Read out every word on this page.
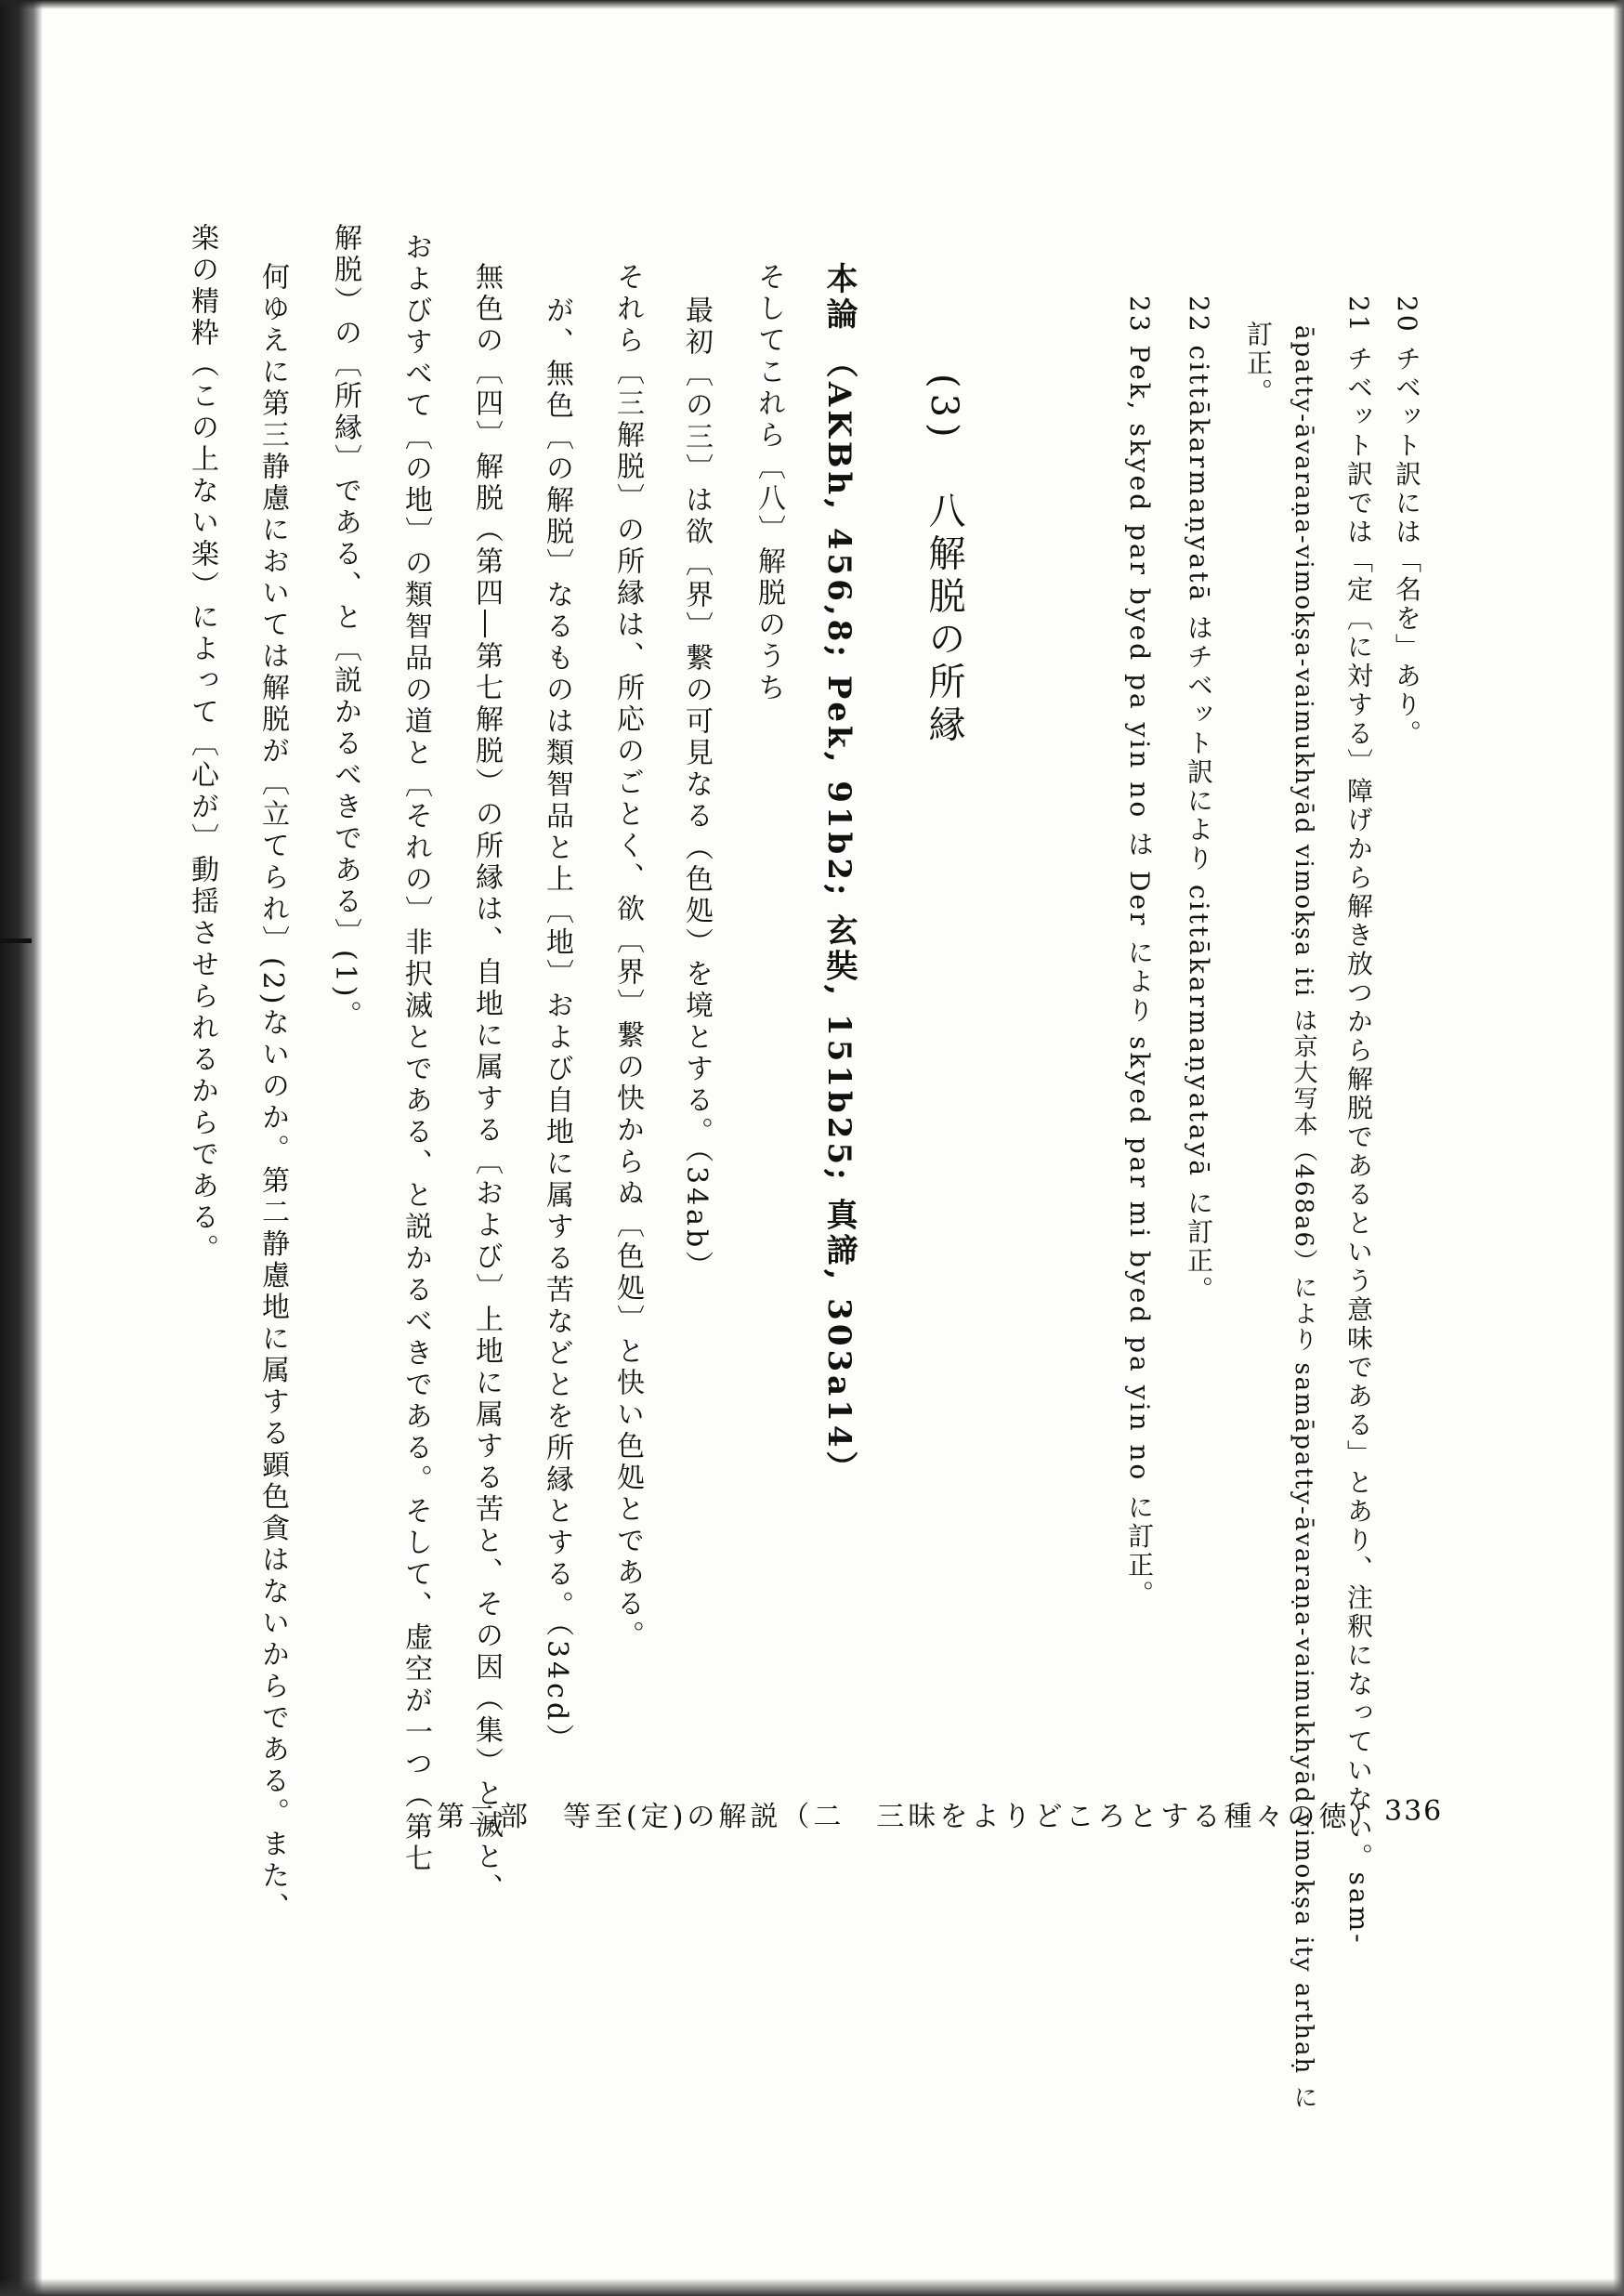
20 チベット訳には「名を」あり。
21 チベット訳では「定〔に対する〕障げから解き放つから解脱であるという意味である」とあり、注釈になっていない。sam-
āpatty-āvaraṇa-vimokṣa-vaimukhyād vimokṣa iti は京大写本（468a6）により samāpatty-āvaraṇa-vaimukhyād vimokṣa ity arthaḥ に
訂正。
22 cittākarmaṇyatā はチベット訳により cittākarmaṇyatayā に訂正。
23 Pek, skyed par byed pa yin no は Der により skyed par mi byed pa yin no に訂正。
(3)  八解脱の所縁
そしてこれら〔八〕解脱のうち
最初〔の三〕は欲〔界〕繋の可見なる（色処）を境とする。（34ab）	本論 （AKBh, 456,8; Pek, 91b2; 玄奘, 151b25; 真諦, 303a14）
それら〔三解脱〕の所縁は、所応のごとく、欲〔界〕繋の快からぬ〔色処〕と快い色処とである。
が、無色〔の解脱〕なるものは類智品と上〔地〕および自地に属する苦などとを所縁とする。（34cd）
無色の〔四〕解脱（第四―第七解脱）の所縁は、自地に属する〔および〕上地に属する苦と、その因（集）と滅と、
およびすべて〔の地〕の類智品の道と〔それの〕非択滅とである、と説かるべきである。そして、虚空が一つ（第七
解脱）の〔所縁〕である、と〔説かるべきである〕(1)。
何ゆえに第三静慮においては解脱が〔立てられ〕(2)ないのか。第二静慮地に属する顕色貪はないからである。また、
楽の精粋（この上ない楽）によって〔心が〕動揺させられるからである。
第二部　等至(定)の解説（二　三昧をよりどころとする種々の徳） 336
